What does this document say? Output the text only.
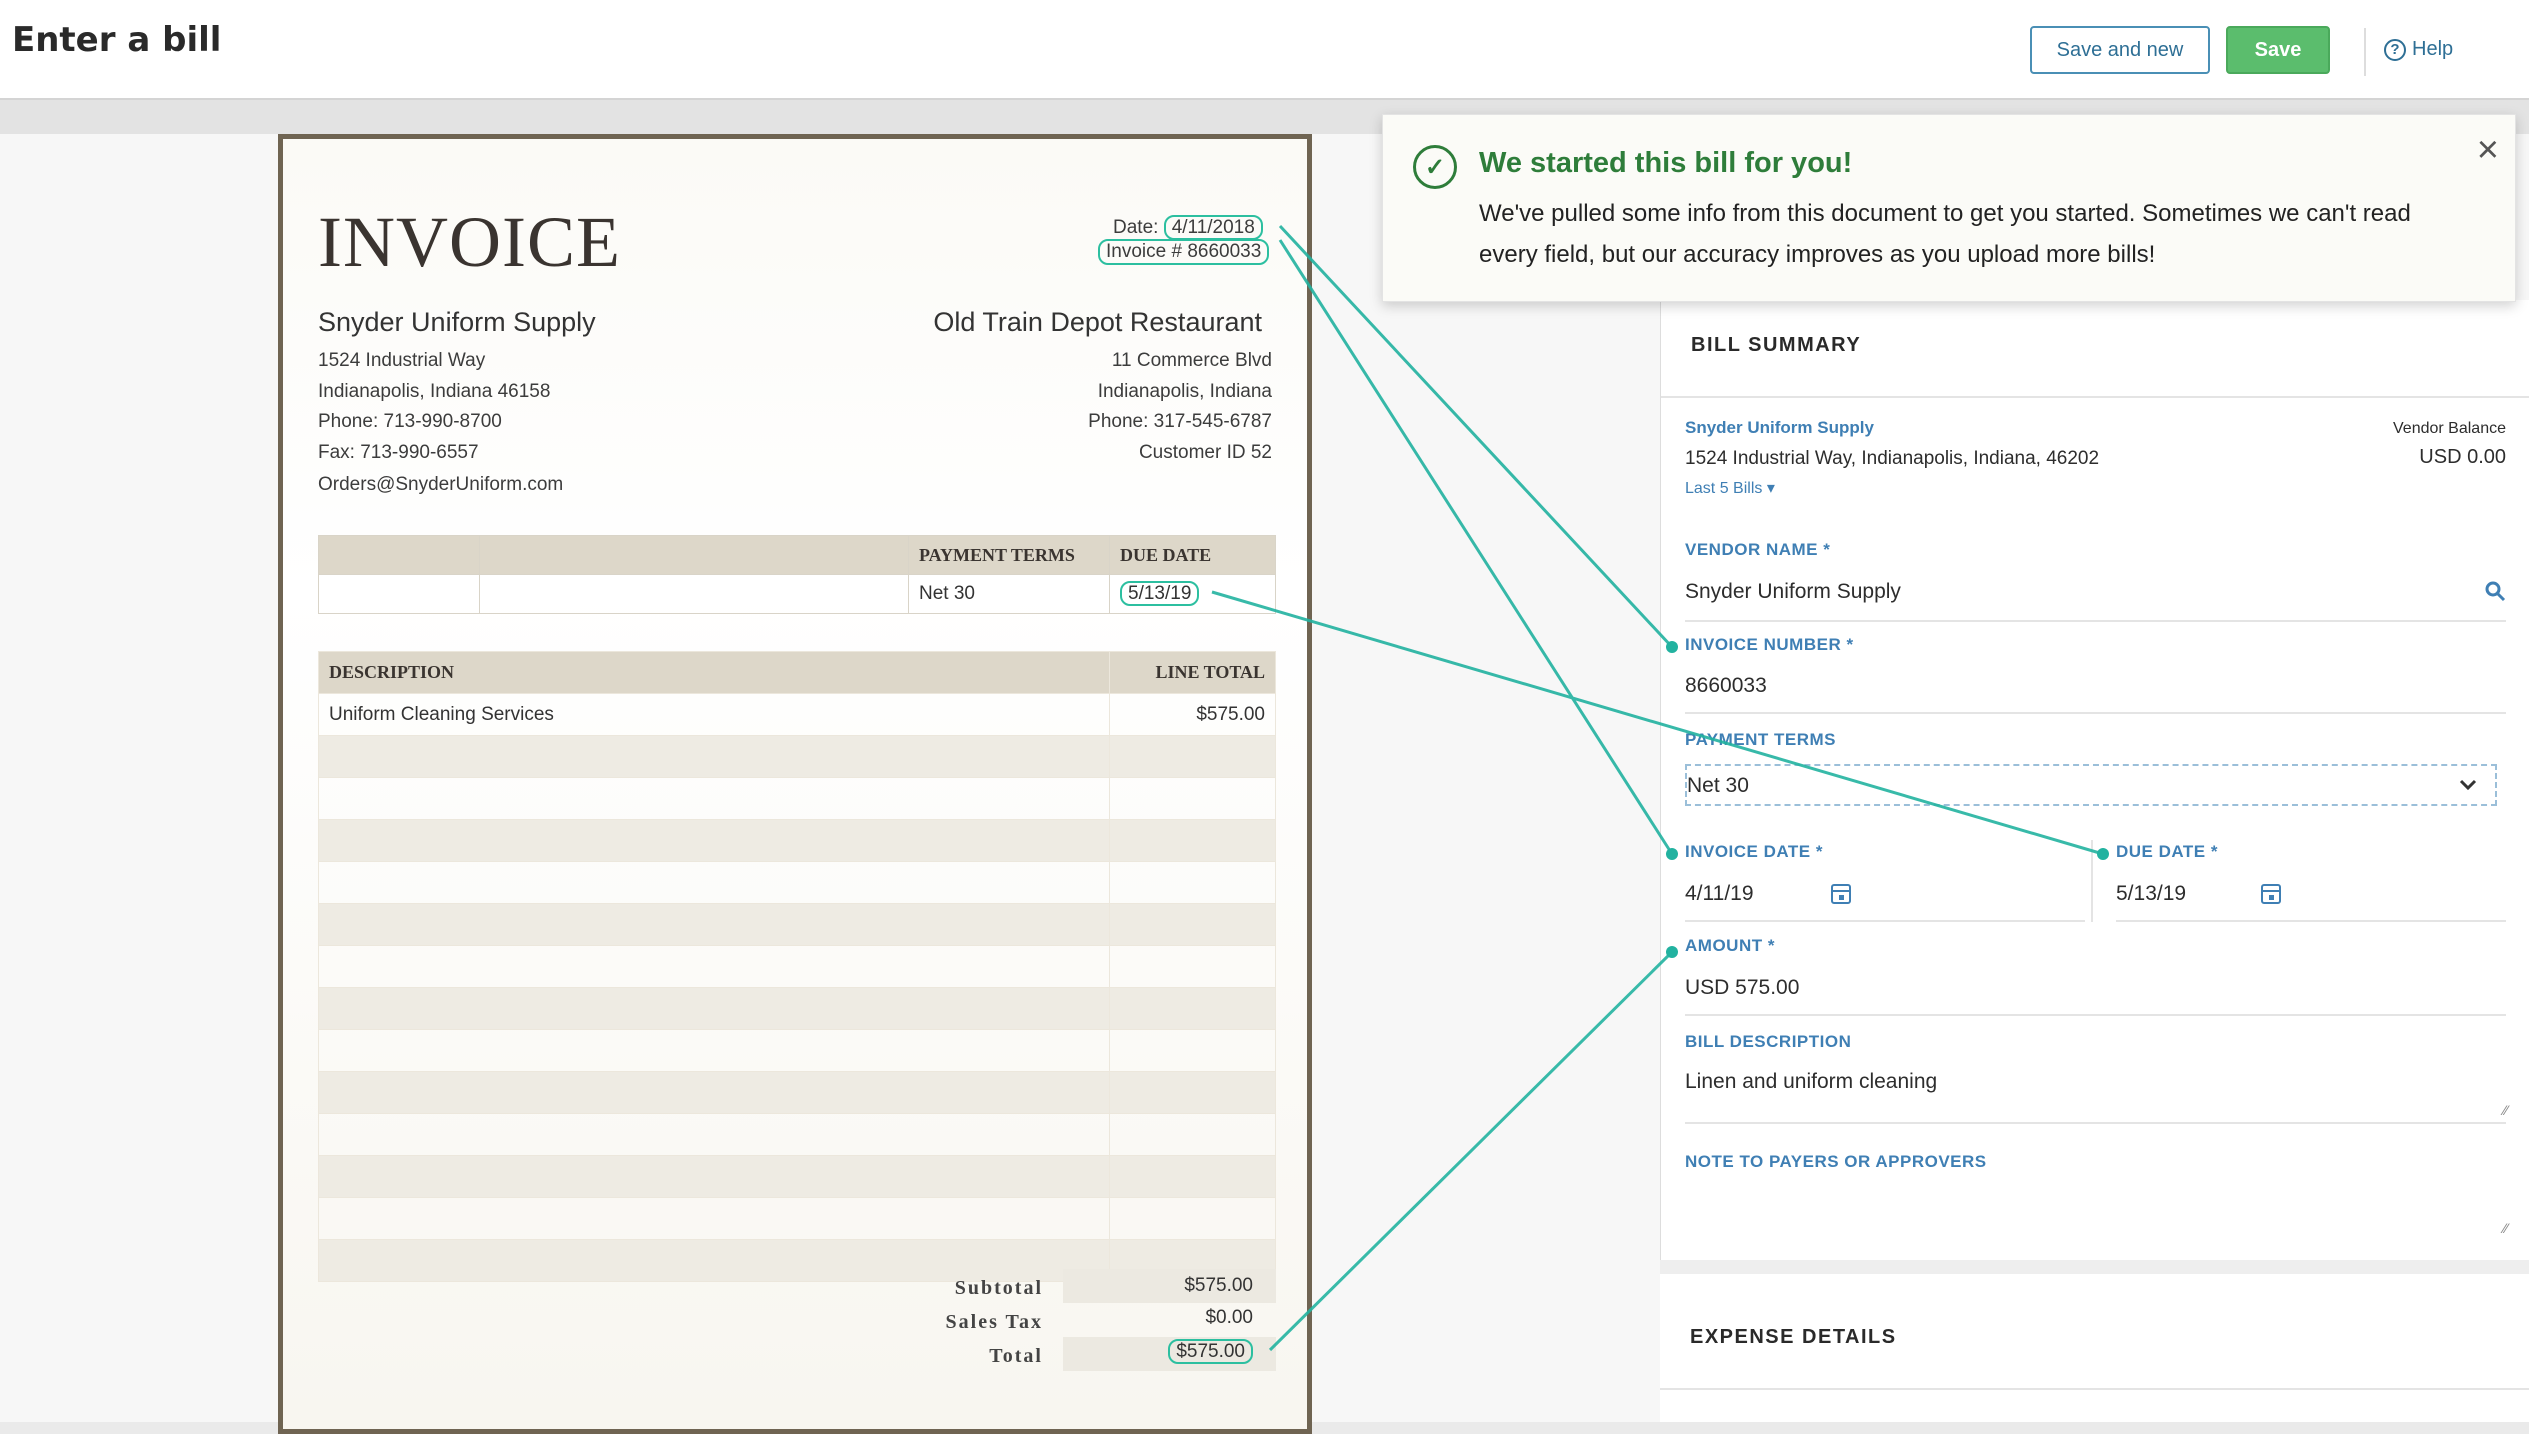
Enter a bill	Save and new	Save	? Help
INVOICE	Date: 4/11/2018
Invoice # 8660033
Snyder Uniform Supply
1524 Industrial Way
Indianapolis, Indiana 46158
Phone: 713-990-8700
Fax: 713-990-6557
Orders@SnyderUniform.com
Old Train Depot Restaurant
11 Commerce Blvd
Indianapolis, Indiana
Phone: 317-545-6787
Customer ID 52
		PAYMENT TERMS	DUE DATE
		Net 30	5/13/19
DESCRIPTION	LINE TOTAL
Uniform Cleaning Services	$575.00

Subtotal	$575.00
Sales Tax	$0.00
Total	$575.00
BILL SUMMARY
Snyder Uniform Supply
1524 Industrial Way, Indianapolis, Indiana, 46202
Last 5 Bills ▾
Vendor Balance
USD 0.00
VENDOR NAME *
Snyder Uniform Supply
INVOICE NUMBER *
8660033
PAYMENT TERMS
Net 30
INVOICE DATE *
4/11/19
DUE DATE *
5/13/19
AMOUNT *
USD 575.00
BILL DESCRIPTION
Linen and uniform cleaning
⁄⁄
NOTE TO PAYERS OR APPROVERS
⁄⁄
EXPENSE DETAILS
✓	We started this bill for you!
We've pulled some info from this document to get you started. Sometimes we can't read every field, but our accuracy improves as you upload more bills!
×
